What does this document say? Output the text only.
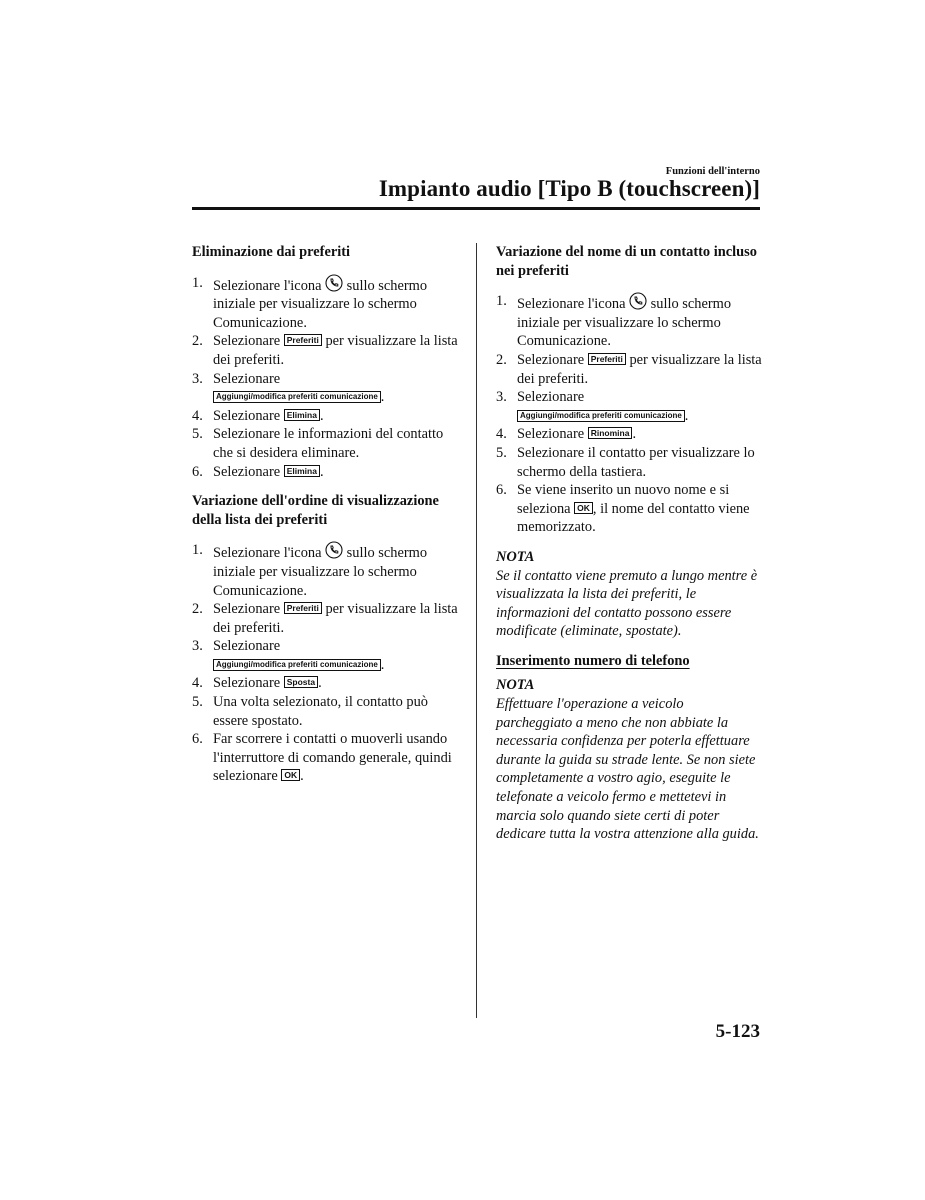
Funzioni dell'interno
Impianto audio [Tipo B (touchscreen)]
Eliminazione dai preferiti
1. Selezionare l'icona
sullo schermo iniziale per visualizzare lo schermo Comunicazione.
2. Selezionare Preferiti per visualizzare la lista dei preferiti.
3. Selezionare
Aggiungi/modifica preferiti comunicazione .
4. Selezionare Elimina .
5. Selezionare le informazioni del contatto che si desidera eliminare.
6. Selezionare Elimina .
Variazione dell'ordine di visualizzazione della lista dei preferiti
1. Selezionare l'icona
sullo schermo iniziale per visualizzare lo schermo Comunicazione.
2. Selezionare Preferiti per visualizzare la lista dei preferiti.
3. Selezionare
Aggiungi/modifica preferiti comunicazione .
4. Selezionare Sposta .
5. Una volta selezionato, il contatto può essere spostato.
6. Far scorrere i contatti o muoverli usando l'interruttore di comando generale, quindi selezionare OK .
Variazione del nome di un contatto incluso nei preferiti
1. Selezionare l'icona
sullo schermo iniziale per visualizzare lo schermo Comunicazione.
2. Selezionare Preferiti per visualizzare la lista dei preferiti.
3. Selezionare
Aggiungi/modifica preferiti comunicazione .
4. Selezionare Rinomina .
5. Selezionare il contatto per visualizzare lo schermo della tastiera.
6. Se viene inserito un nuovo nome e si seleziona OK , il nome del contatto viene memorizzato.
NOTA
Se il contatto viene premuto a lungo mentre è visualizzata la lista dei preferiti, le informazioni del contatto possono essere modificate (eliminate, spostate).
Inserimento numero di telefono
NOTA
Effettuare l'operazione a veicolo parcheggiato a meno che non abbiate la necessaria confidenza per poterla effettuare durante la guida su strade lente. Se non siete completamente a vostro agio, eseguite le telefonate a veicolo fermo e mettetevi in marcia solo quando siete certi di poter dedicare tutta la vostra attenzione alla guida.
5-123
